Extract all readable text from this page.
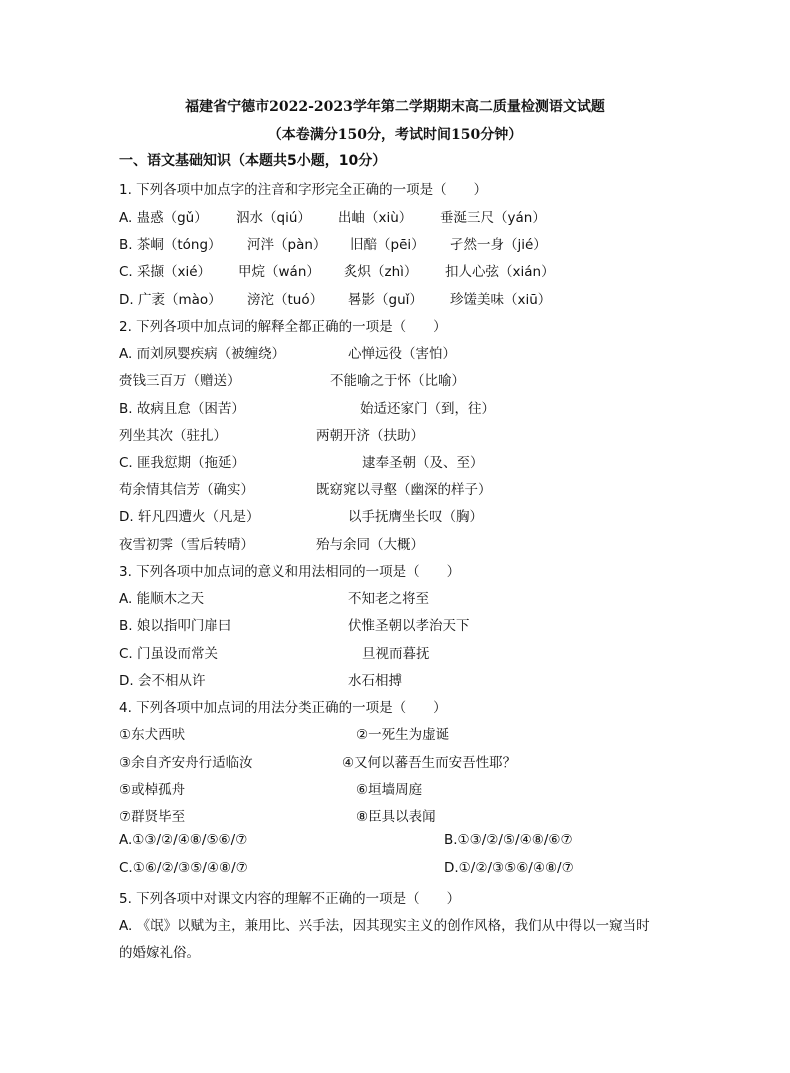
福建省宁德市2022-2023学年第二学期期末高二质量检测语文试题
（本卷满分150分，考试时间150分钟）
一、语文基础知识（本题共5小题，10分）
1. 下列各项中加点字的注音和字形完全正确的一项是（　　）
A. 蛊惑（gǔ） 泅水（qiú） 出岫（xiù） 垂涎三尺（yán）
B. 茶峒（tóng） 河泮（pàn） 旧醅（pēi） 孑然一身（jié）
C. 采撷（xié） 甲烷（wán） 炙炽（zhì） 扣人心弦（xián）
D. 广袤（mào） 滂沱（tuó） 晷影（guǐ） 珍馐美味（xiū）
2. 下列各项中加点词的解释全都正确的一项是（　　）
A. 而刘夙婴疾病（被缠绕）	心惮远役（害怕）
赍钱三百万（赠送）	不能喻之于怀（比喻）
B. 故病且怠（困苦）	始适还家门（到，往）
列坐其次（驻扎）	两朝开济（扶助）
C. 匪我愆期（拖延）	逮奉圣朝（及、至）
苟余情其信芳（确实）	既窈窕以寻壑（幽深的样子）
D. 轩凡四遭火（凡是）	以手抚膺坐长叹（胸）
夜雪初霁（雪后转晴）	殆与余同（大概）
3. 下列各项中加点词的意义和用法相同的一项是（　　）
A. 能顺木之天	不知老之将至
B. 娘以指叩门扉曰	伏惟圣朝以孝治天下
C. 门虽设而常关	旦视而暮抚
D. 会不相从许	水石相搏
4. 下列各项中加点词的用法分类正确的一项是（　　）
①东犬西吠	②一死生为虚诞
③余自齐安舟行适临汝	④又何以蕃吾生而安吾性耶？
⑤或棹孤舟	⑥垣墙周庭
⑦群贤毕至	⑧臣具以表闻
A.①③/②/④⑧/⑤⑥/⑦	B.①③/②/⑤/④⑧/⑥⑦
C.①⑥/②/③⑤/④⑧/⑦	D.①/②/③⑤⑥/④⑧/⑦
5. 下列各项中对课文内容的理解不正确的一项是（　　）
A. 《氓》以赋为主，兼用比、兴手法，因其现实主义的创作风格，我们从中得以一窥当时
的婚嫁礼俗。
